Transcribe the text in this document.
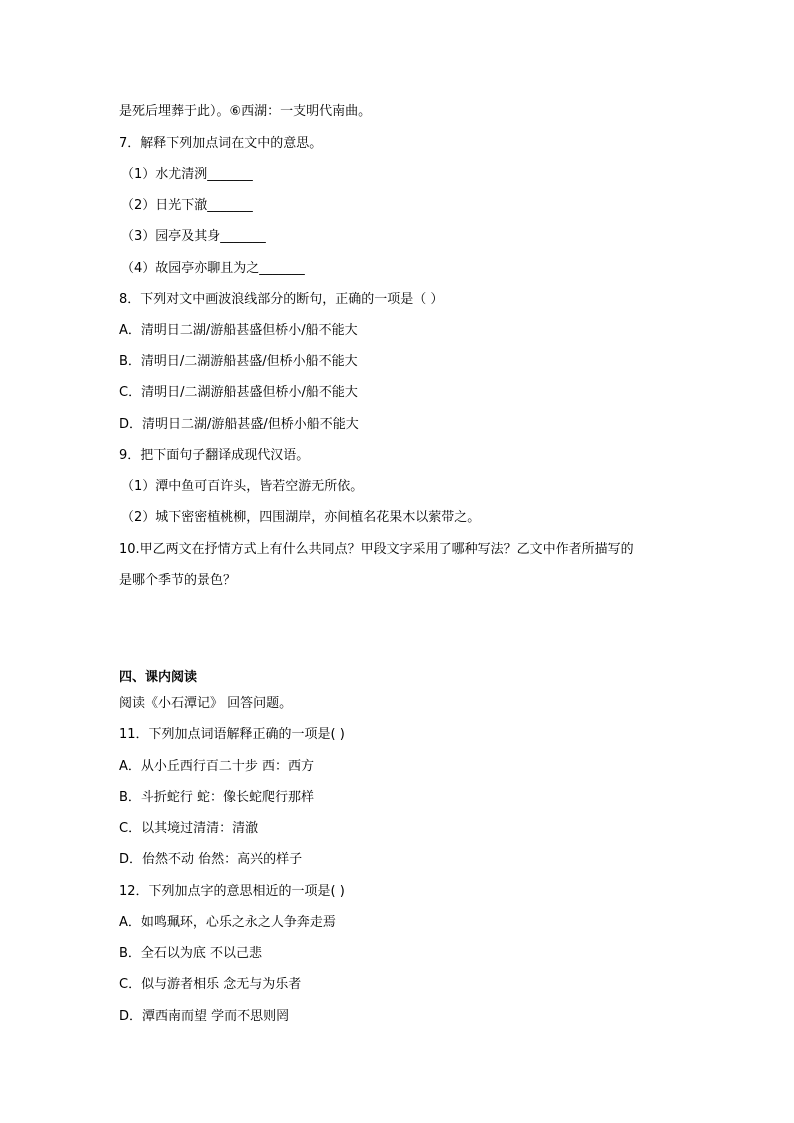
是死后埋葬于此）。⑥西湖：一支明代南曲。
7．解释下列加点词在文中的意思。
（1）水尤清洌_______
（2）日光下澈_______
（3）园亭及其身_______
（4）故园亭亦聊且为之_______
8．下列对文中画波浪线部分的断句，正确的一项是（ ）
A．清明日二湖/游船甚盛但桥小/船不能大
B．清明日/二湖游船甚盛/但桥小船不能大
C．清明日/二湖游船甚盛但桥小/船不能大
D．清明日二湖/游船甚盛/但桥小船不能大
9．把下面句子翻译成现代汉语。
（1）潭中鱼可百许头，皆若空游无所依。
（2）城下密密植桃柳，四围湖岸，亦间植名花果木以萦带之。
10.甲乙两文在抒情方式上有什么共同点？甲段文字采用了哪种写法？乙文中作者所描写的
是哪个季节的景色？
四、课内阅读
阅读《小石潭记》 回答问题。
11．下列加点词语解释正确的一项是( )
A．从小丘西行百二十步 西：西方
B．斗折蛇行 蛇：像长蛇爬行那样
C．以其境过清清：清澈
D．佁然不动 佁然：高兴的样子
12．下列加点字的意思相近的一项是( )
A．如鸣珮环，心乐之永之人争奔走焉
B．全石以为底 不以己悲
C．似与游者相乐 念无与为乐者
D．潭西南而望 学而不思则罔
